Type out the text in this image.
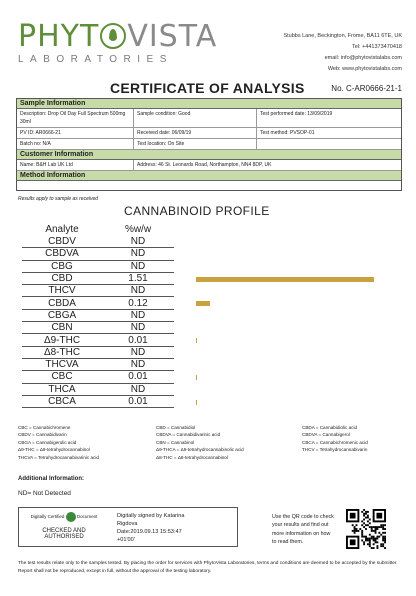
PHYT VISTA
LABORATORIES
Stubbs Lane, Beckington, Frome, BA11 6TE, UK
Tel: +441373470418
email: info@phytovistalabs.com
Web: www.phytovistalabs.com
CERTIFICATE OF ANALYSIS	No. C-AR0666-21-1
Sample Information
Description: Drop Oil Day Full Spectrum 500mg 30ml
Sample condition: Good	Test performed date: 13/09/2019
PV ID: AR0666-21	Received date: 06/09/19	Test method: PVSOP-01
Batch no: N/A	Test location: On Site
Customer Information
Name: B&H Lab UK Ltd	Address: 46 St. Leonards Road, Northampton, NN4 8DP, UK
Method Information
Results apply to sample as received
CANNABINOID PROFILE
Analyte	%w/w
CBDV	ND
CBDVA	ND
CBG	ND
CBD	1.51
THCV	ND
CBDA	0.12
CBGA	ND
CBN	ND
Δ9-THC	0.01
Δ8-THC	ND
THCVA	ND
CBC	0.01
THCA	ND
CBCA	0.01
CBC = Cannabichromene
CBDV = Cannabidivarin
CBGA = Cannabigerolic acid
Δ9-THC = Δ9-tetrahydrocannabinol
THCVA = Tetrahydrocannabivarinic acid
CBD = Cannabidiol
CBDVA = Cannabidivarinic acid
CBN = Cannabinol
Δ9-THCA = Δ9-tetrahydrocannabinolic acid
Δ8-THC = Δ8-tetrahydrocannabinol
CBDA = Cannabidiolic acid
CBDVA = Cannabigerol
CBCA = Cannabichromenic acid
THCV = Tetrahydrocannabivarin
Additional Information:
ND= Not Detected
Digitally Certified	Document
CHECKED AND AUTHORISED
Digitally signed by Katarina
Rigdova
Date:2019.09.13 15:53:47
+01'00'
Use the QR code to check
your results and find out
more information on how
to read them.
The test results relate only to the samples tested. By placing the order for services with PhytoVista Laboratories, terms and conditions are deemed to be accepted by the submitter. Report shall not be reproduced, except in full, without the approval of the testing laboratory.
